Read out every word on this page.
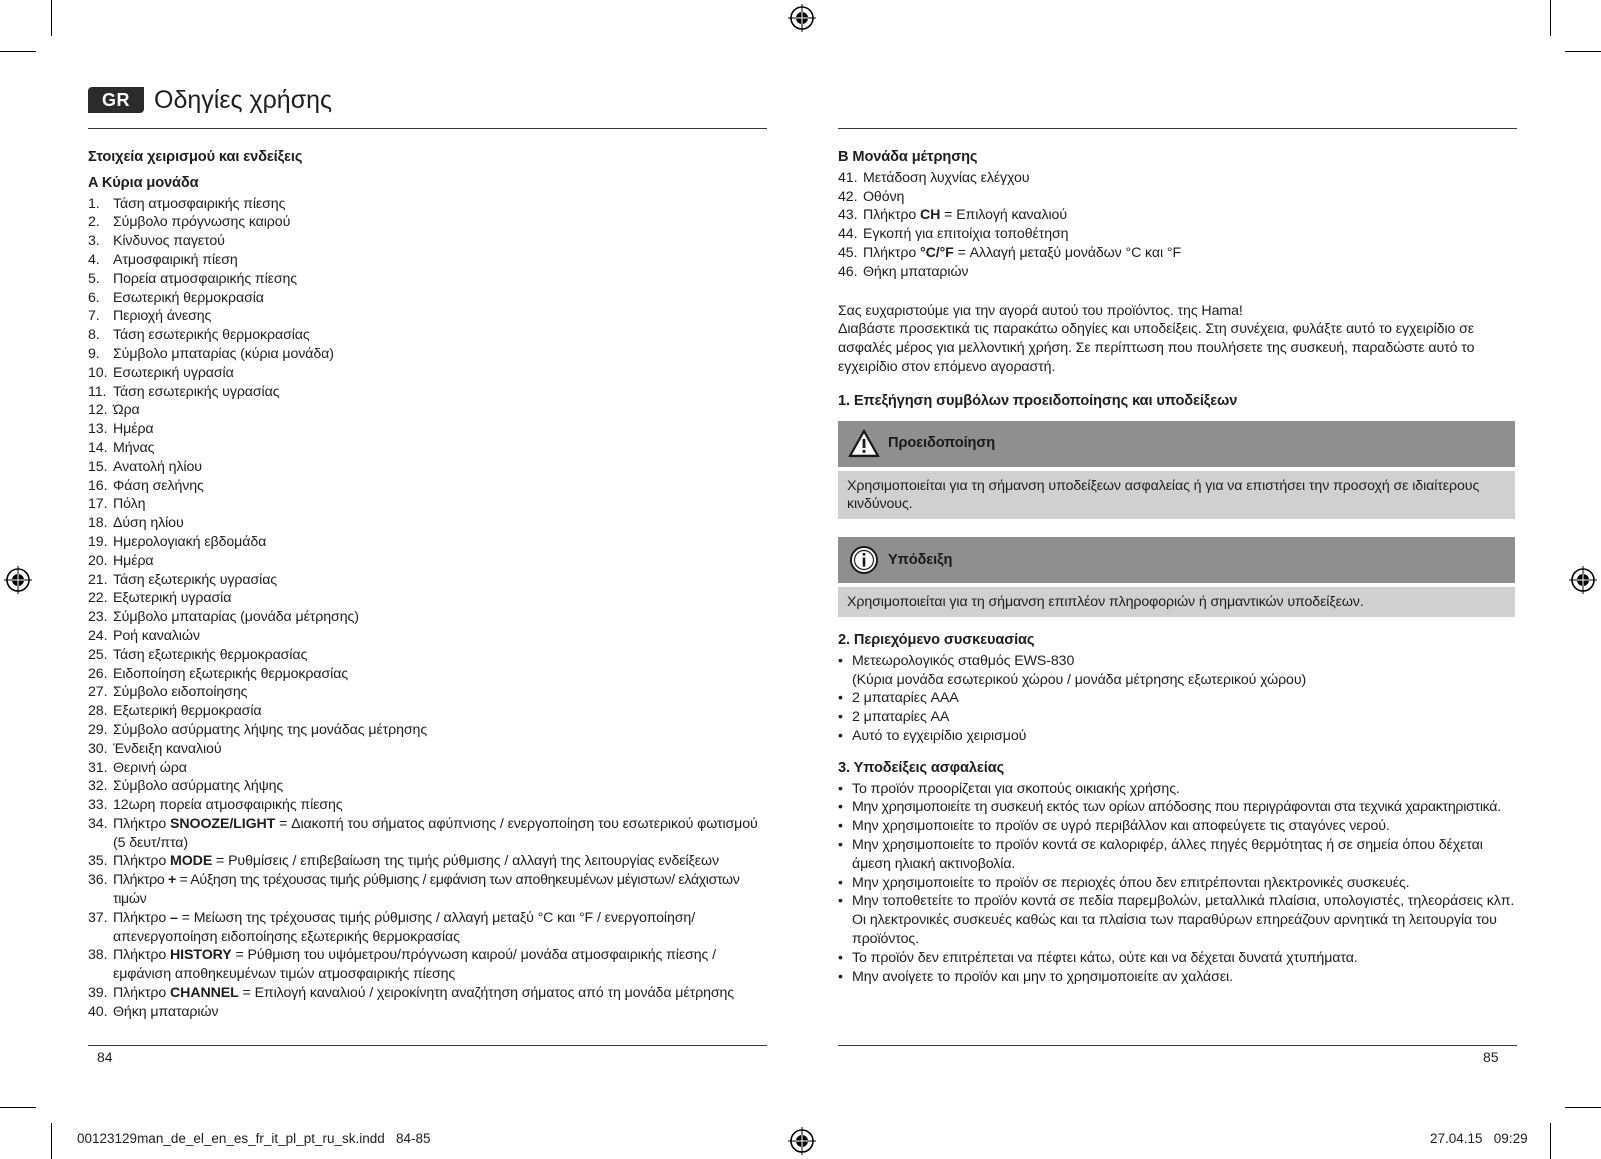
GR Οδηγίες χρήσης
Στοιχεία χειρισμού και ενδείξεις
A Κύρια μονάδα
1. Τάση ατμοσφαιρικής πίεσης
2. Σύμβολο πρόγνωσης καιρού
3. Κίνδυνος παγετού
4. Ατμοσφαιρική πίεση
5. Πορεία ατμοσφαιρικής πίεσης
6. Εσωτερική θερμοκρασία
7. Περιοχή άνεσης
8. Τάση εσωτερικής θερμοκρασίας
9. Σύμβολο μπαταρίας (κύρια μονάδα)
10. Εσωτερική υγρασία
11. Τάση εσωτερικής υγρασίας
12. Ώρα
13. Ημέρα
14. Μήνας
15. Ανατολή ηλίου
16. Φάση σελήνης
17. Πόλη
18. Δύση ηλίου
19. Ημερολογιακή εβδομάδα
20. Ημέρα
21. Τάση εξωτερικής υγρασίας
22. Εξωτερική υγρασία
23. Σύμβολο μπαταρίας (μονάδα μέτρησης)
24. Ροή καναλιών
25. Τάση εξωτερικής θερμοκρασίας
26. Ειδοποίηση εξωτερικής θερμοκρασίας
27. Σύμβολο ειδοποίησης
28. Εξωτερική θερμοκρασία
29. Σύμβολο ασύρματης λήψης της μονάδας μέτρησης
30. Ένδειξη καναλιού
31. Θερινή ώρα
32. Σύμβολο ασύρματης λήψης
33. 12ωρη πορεία ατμοσφαιρικής πίεσης
34. Πλήκτρο SNOOZE/LIGHT = Διακοπή του σήματος αφύπνισης / ενεργοποίηση του εσωτερικού φωτισμού (5 δευτ/πτα)
35. Πλήκτρο MODE = Ρυθμίσεις / επιβεβαίωση της τιμής ρύθμισης / αλλαγή της λειτουργίας ενδείξεων
36. Πλήκτρο + = Αύξηση της τρέχουσας τιμής ρύθμισης / εμφάνιση των αποθηκευμένων μέγιστων/ ελάχιστων τιμών
37. Πλήκτρο – = Μείωση της τρέχουσας τιμής ρύθμισης / αλλαγή μεταξύ °C και °F / ενεργοποίηση/ απενεργοποίηση ειδοποίησης εξωτερικής θερμοκρασίας
38. Πλήκτρο HISTORY = Ρύθμιση του υψόμετρου/πρόγνωση καιρού/ μονάδα ατμοσφαιρικής πίεσης / εμφάνιση αποθηκευμένων τιμών ατμοσφαιρικής πίεσης
39. Πλήκτρο CHANNEL = Επιλογή καναλιού / χειροκίνητη αναζήτηση σήματος από τη μονάδα μέτρησης
40. Θήκη μπαταριών
B Μονάδα μέτρησης
41. Μετάδοση λυχνίας ελέγχου
42. Οθόνη
43. Πλήκτρο CH = Επιλογή καναλιού
44. Εγκοπή για επιτοίχια τοποθέτηση
45. Πλήκτρο °C/°F = Αλλαγή μεταξύ μονάδων °C και °F
46. Θήκη μπαταριών

Σας ευχαριστούμε για την αγορά αυτού του προϊόντος. της Hama!
Διαβάστε προσεκτικά τις παρακάτω οδηγίες και υποδείξεις. Στη συνέχεια, φυλάξτε αυτό το εγχειρίδιο σε ασφαλές μέρος για μελλοντική χρήση. Σε περίπτωση που πουλήσετε της συσκευή, παραδώστε αυτό το εγχειρίδιο στον επόμενο αγοραστή.

1. Επεξήγηση συμβόλων προειδοποίησης και υποδείξεων
Προειδοποίηση
Χρησιμοποιείται για τη σήμανση υποδείξεων ασφαλείας ή για να επιστήσει την προσοχή σε ιδιαίτερους κινδύνους.
Υπόδειξη
Χρησιμοποιείται για τη σήμανση επιπλέον πληροφοριών ή σημαντικών υποδείξεων.
2. Περιεχόμενο συσκευασίας
• Μετεωρολογικός σταθμός EWS-830
(Κύρια μονάδα εσωτερικού χώρου / μονάδα μέτρησης εξωτερικού χώρου)
• 2 μπαταρίες AAA
• 2 μπαταρίες AA
• Αυτό το εγχειρίδιο χειρισμού
3. Υποδείξεις ασφαλείας
• Το προϊόν προορίζεται για σκοπούς οικιακής χρήσης.
• Μην χρησιμοποιείτε τη συσκευή εκτός των ορίων απόδοσης που περιγράφονται στα τεχνικά χαρακτηριστικά.
• Μην χρησιμοποιείτε το προϊόν σε υγρό περιβάλλον και αποφεύγετε τις σταγόνες νερού.
• Μην χρησιμοποιείτε το προϊόν κοντά σε καλοριφέρ, άλλες πηγές θερμότητας ή σε σημεία όπου δέχεται άμεση ηλιακή ακτινοβολία.
• Μην χρησιμοποιείτε το προϊόν σε περιοχές όπου δεν επιτρέπονται ηλεκτρονικές συσκευές.
• Μην τοποθετείτε το προϊόν κοντά σε πεδία παρεμβολών, μεταλλικά πλαίσια, υπολογιστές, τηλεοράσεις κλπ. Οι ηλεκτρονικές συσκευές καθώς και τα πλαίσια των παραθύρων επηρεάζουν αρνητικά τη λειτουργία του προϊόντος.
• Το προϊόν δεν επιτρέπεται να πέφτει κάτω, ούτε και να δέχεται δυνατά χτυπήματα.
• Μην ανοίγετε το προϊόν και μην το χρησιμοποιείτε αν χαλάσει.
84	85
00123129man_de_el_en_es_fr_it_pl_pt_ru_sk.indd   84-85	27.04.15   09:29
